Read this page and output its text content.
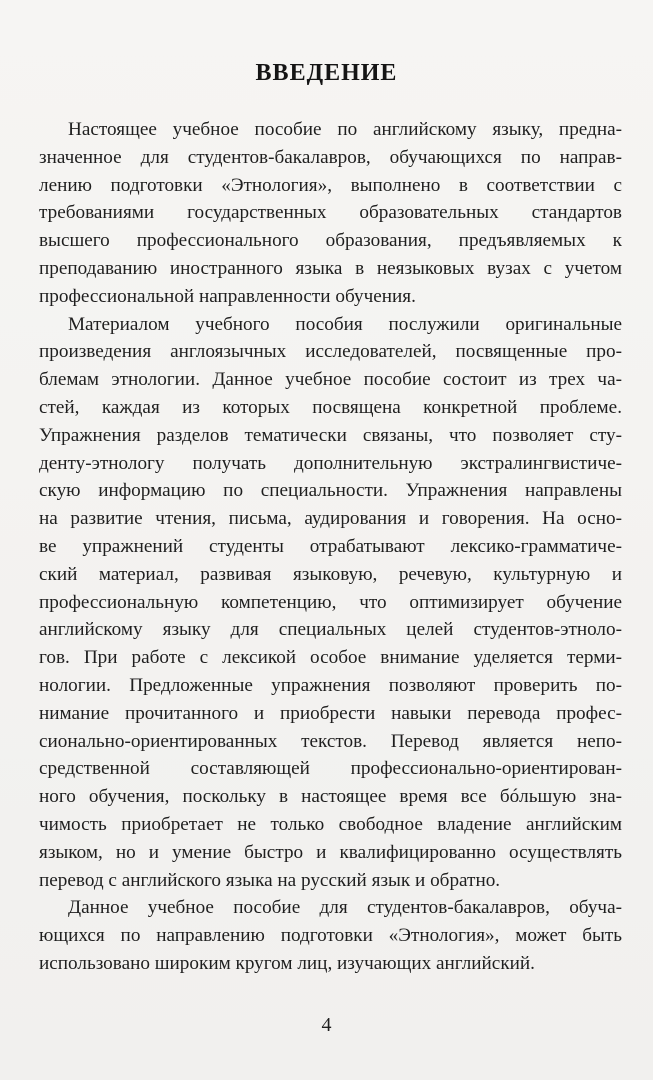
ВВЕДЕНИЕ
Настоящее учебное пособие по английскому языку, предна-
значенное для студентов-бакалавров, обучающихся по направ-
лению подготовки «Этнология», выполнено в соответствии с
требованиями государственных образовательных стандартов
высшего профессионального образования, предъявляемых к
преподаванию иностранного языка в неязыковых вузах с учетом
профессиональной направленности обучения.
Материалом учебного пособия послужили оригинальные
произведения англоязычных исследователей, посвященные про-
блемам этнологии. Данное учебное пособие состоит из трех ча-
стей, каждая из которых посвящена конкретной проблеме.
Упражнения разделов тематически связаны, что позволяет сту-
денту-этнологу получать дополнительную экстралингвистиче-
скую информацию по специальности. Упражнения направлены
на развитие чтения, письма, аудирования и говорения. На осно-
ве упражнений студенты отрабатывают лексико-грамматиче-
ский материал, развивая языковую, речевую, культурную и
профессиональную компетенцию, что оптимизирует обучение
английскому языку для специальных целей студентов-этноло-
гов. При работе с лексикой особое внимание уделяется терми-
нологии. Предложенные упражнения позволяют проверить по-
нимание прочитанного и приобрести навыки перевода профес-
сионально-ориентированных текстов. Перевод является непо-
средственной составляющей профессионально-ориентирован-
ного обучения, поскольку в настоящее время все бóльшую зна-
чимость приобретает не только свободное владение английским
языком, но и умение быстро и квалифицированно осуществлять
перевод с английского языка на русский язык и обратно.
Данное учебное пособие для студентов-бакалавров, обуча-
ющихся по направлению подготовки «Этнология», может быть
использовано широким кругом лиц, изучающих английский.
4
